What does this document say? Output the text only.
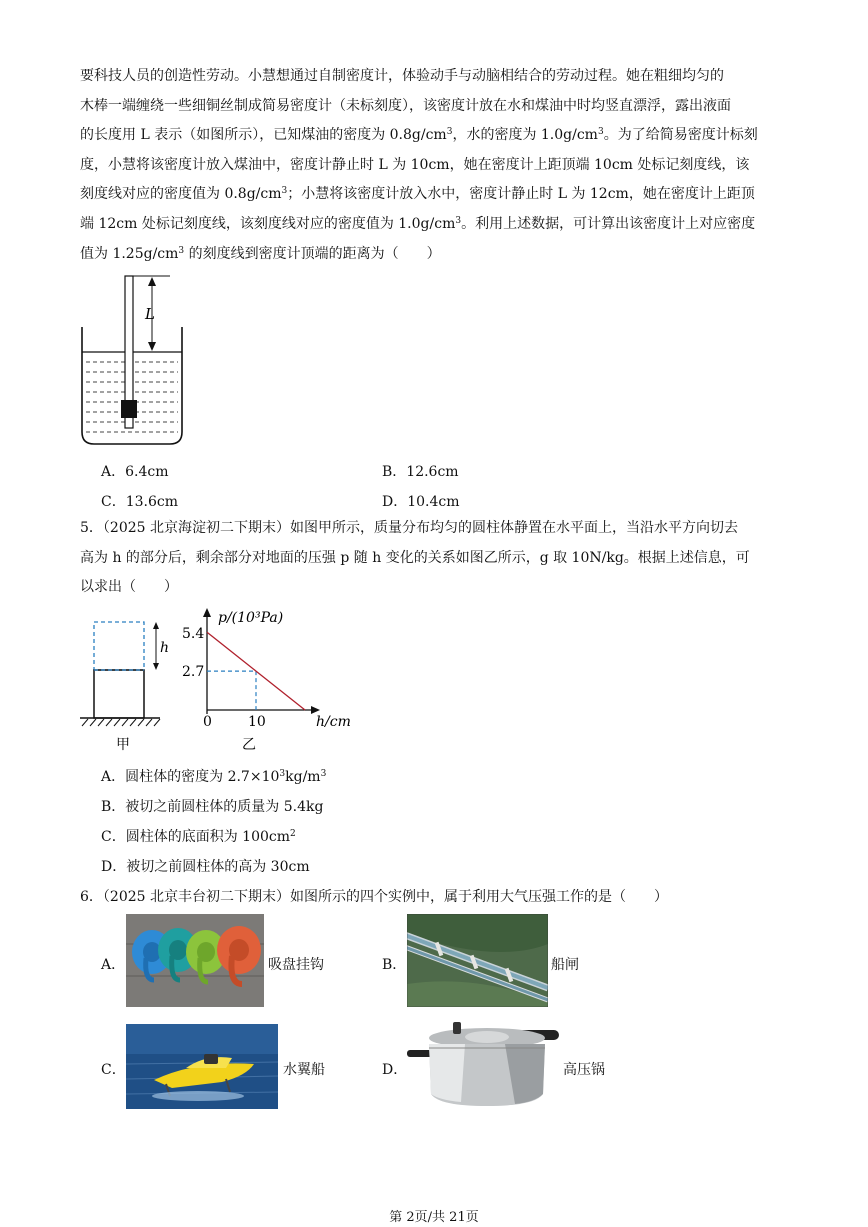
要科技人员的创造性劳动。小慧想通过自制密度计，体验动手与动脑相结合的劳动过程。她在粗细均匀的
木棒一端缠绕一些细铜丝制成简易密度计（未标刻度），该密度计放在水和煤油中时均竖直漂浮，露出液面
的长度用 L 表示（如图所示），已知煤油的密度为 $0.8g/cm^3$，水的密度为 $1.0g/cm^3$。为了给简易密度计标刻
度，小慧将该密度计放入煤油中，密度计静止时 L 为 10cm，她在密度计上距顶端 10cm 处标记刻度线，该
刻度线对应的密度值为 $0.8g/cm^3$；小慧将该密度计放入水中，密度计静止时 L 为 12cm，她在密度计上距顶
端 12cm 处标记刻度线，该刻度线对应的密度值为 $1.0g/cm^3$。利用上述数据，可计算出该密度计上对应密度
值为 $1.25g/cm^3$ 的刻度线到密度计顶端的距离为（　　）
L
A．6.4cm	B．12.6cm
C．13.6cm	D．10.4cm
5．（2025 北京海淀初二下期末）如图甲所示，质量分布均匀的圆柱体静置在水平面上，当沿水平方向切去
高为 h 的部分后，剩余部分对地面的压强 p 随 h 变化的关系如图乙所示，g 取 10N/kg。根据上述信息，可
以求出（　　）
h
甲
p/(10³Pa)
h/cm
5.4
2.7
0	10
乙
A．圆柱体的密度为 $2.7\times 10^3kg/m^3$
B．被切之前圆柱体的质量为 5.4kg
C．圆柱体的底面积为 $100cm^2$
D．被切之前圆柱体的高为 30cm
6．（2025 北京丰台初二下期末）如图所示的四个实例中，属于利用大气压强工作的是（　　）
A．	吸盘挂钩	B．	船闸
C．	水翼船	D．	高压锅
第 2页/共 21页
